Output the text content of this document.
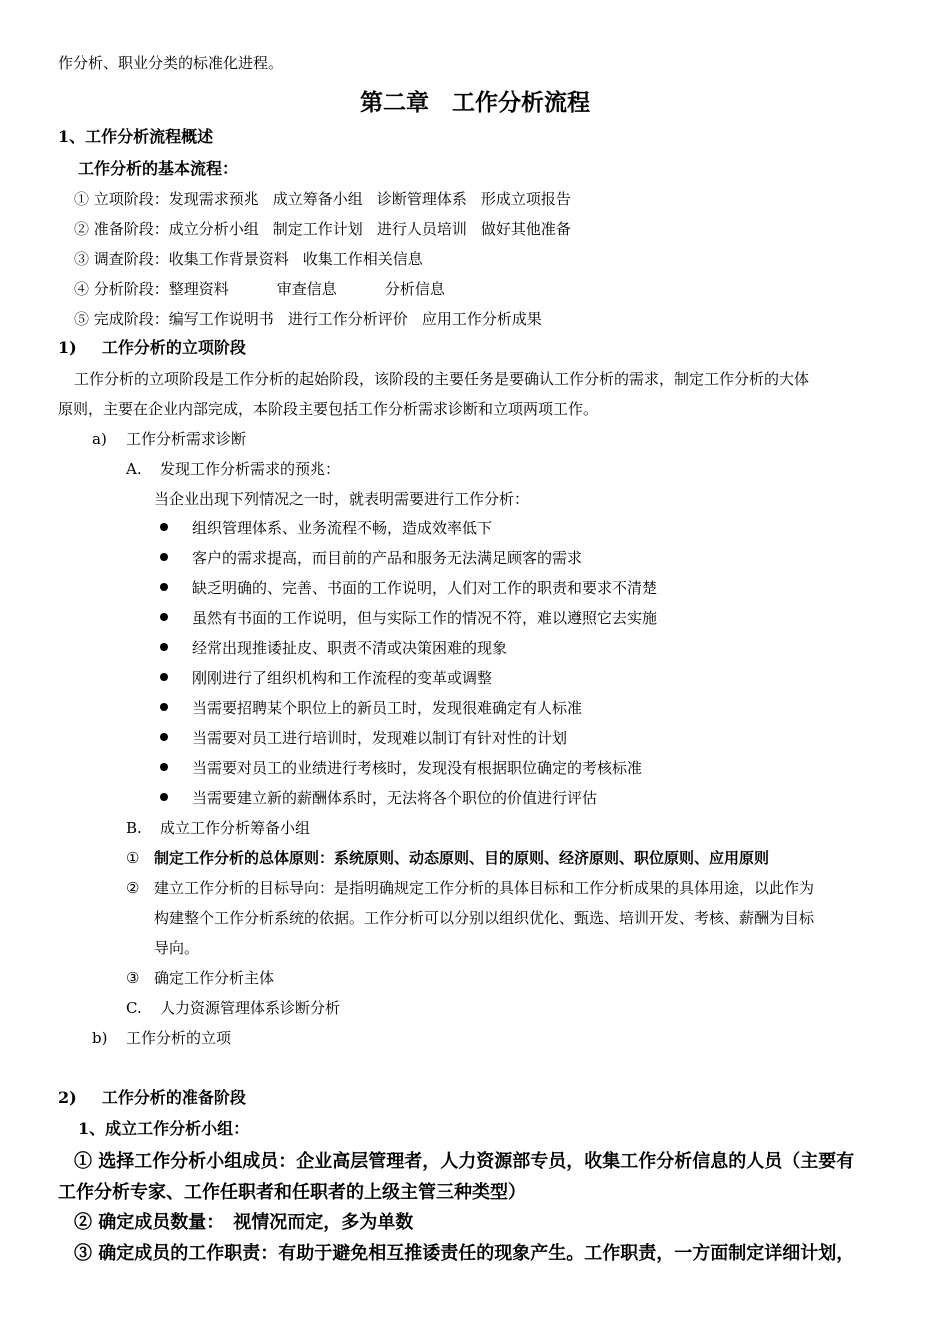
作分析、职业分类的标准化进程。
第二章　工作分析流程
1、工作分析流程概述
工作分析的基本流程：
① 立项阶段：发现需求预兆 成立筹备小组 诊断管理体系 形成立项报告
② 准备阶段：成立分析小组 制定工作计划 进行人员培训 做好其他准备
③ 调查阶段：收集工作背景资料 收集工作相关信息
④ 分析阶段：整理资料	审查信息	分析信息
⑤ 完成阶段：编写工作说明书 进行工作分析评价 应用工作分析成果
1) 工作分析的立项阶段
工作分析的立项阶段是工作分析的起始阶段，该阶段的主要任务是要确认工作分析的需求，制定工作分析的大体
原则，主要在企业内部完成，本阶段主要包括工作分析需求诊断和立项两项工作。
a) 工作分析需求诊断
A. 发现工作分析需求的预兆：
当企业出现下列情况之一时，就表明需要进行工作分析：
组织管理体系、业务流程不畅，造成效率低下
客户的需求提高，而目前的产品和服务无法满足顾客的需求
缺乏明确的、完善、书面的工作说明，人们对工作的职责和要求不清楚
虽然有书面的工作说明，但与实际工作的情况不符，难以遵照它去实施
经常出现推诿扯皮、职责不清或决策困难的现象
刚刚进行了组织机构和工作流程的变革或调整
当需要招聘某个职位上的新员工时，发现很难确定有人标准
当需要对员工进行培训时，发现难以制订有针对性的计划
当需要对员工的业绩进行考核时，发现没有根据职位确定的考核标准
当需要建立新的薪酬体系时，无法将各个职位的价值进行评估
B. 成立工作分析筹备小组
① 制定工作分析的总体原则：系统原则、动态原则、目的原则、经济原则、职位原则、应用原则
② 建立工作分析的目标导向：是指明确规定工作分析的具体目标和工作分析成果的具体用途，以此作为
构建整个工作分析系统的依据。工作分析可以分别以组织优化、甄选、培训开发、考核、薪酬为目标
导向。
③ 确定工作分析主体
C. 人力资源管理体系诊断分析
b) 工作分析的立项
2) 工作分析的准备阶段
1、成立工作分析小组：
① 选择工作分析小组成员：企业高层管理者，人力资源部专员，收集工作分析信息的人员（主要有
工作分析专家、工作任职者和任职者的上级主管三种类型）
② 确定成员数量：　视情况而定，多为单数
③ 确定成员的工作职责：有助于避免相互推诿责任的现象产生。工作职责，一方面制定详细计划，
